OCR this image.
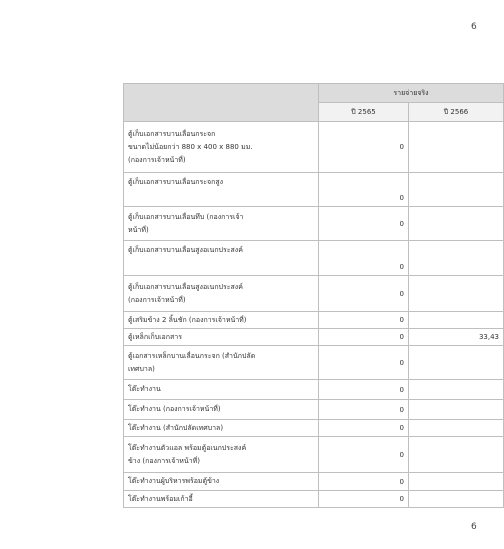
6
	รายจ่ายจริง	
	ปี 2565	ปี 2566

ตู้เก็บเอกสารบานเลื่อนกระจก
ขนาดไม่น้อยกว่า 880 x 400 x 880 มม.
(กองการเจ้าหน้าที่)	0	

ตู้เก็บเอกสารบานเลื่อนกระจกสูง	0	

ตู้เก็บเอกสารบานเลื่อนทึบ (กองการเจ้า
หน้าที่)	0	

ตู้เก็บเอกสารบานเลื่อนสูงอเนกประสงค์	0	

ตู้เก็บเอกสารบานเลื่อนสูงอเนกประสงค์
(กองการเจ้าหน้าที่)	0	

ตู้เสริมข้าง 2 ลิ้นชัก (กองการเจ้าหน้าที่)	0	

ตู้เหล็กเก็บเอกสาร	0	33,43

ตู้เอกสารเหล็กบานเลื่อนกระจก (สำนักปลัด
เทศบาล)	0	

โต๊ะทำงาน	0	

โต๊ะทำงาน (กองการเจ้าหน้าที่)	0	

โต๊ะทำงาน (สำนักปลัดเทศบาล)	0	

โต๊ะทำงานตัวแอล พร้อมตู้อเนกประสงค์
ข้าง (กองการเจ้าหน้าที่)	0	

โต๊ะทำงานผู้บริหารพร้อมตู้ข้าง	0	

โต๊ะทำงานพร้อมเก้าอี้	0	
6
